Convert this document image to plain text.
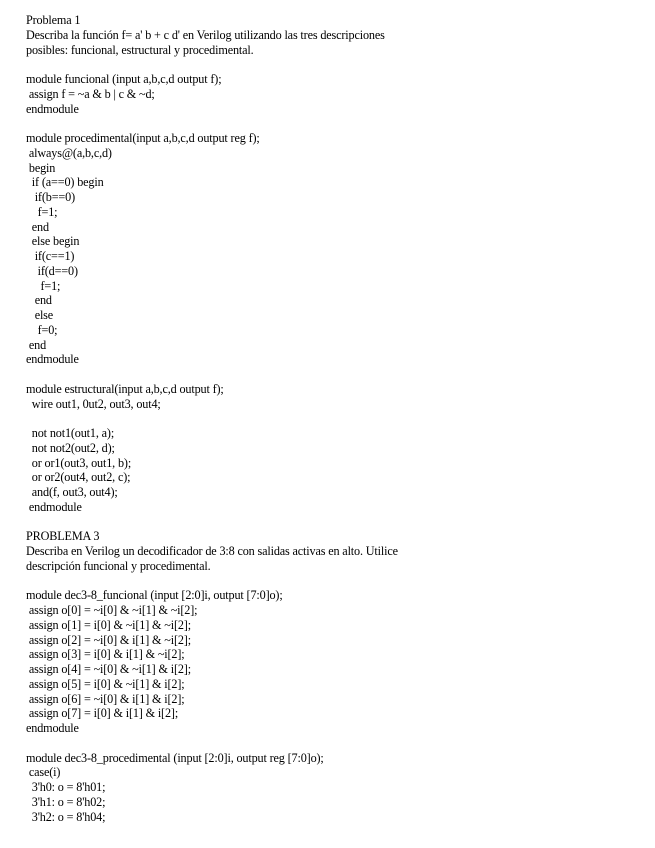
Problema 1
Describa la función f= a' b + c d' en Verilog utilizando las tres descripciones
posibles: funcional, estructural y procedimental.
module funcional (input a,b,c,d output f);
assign f = ~a & b | c & ~d;
endmodule
module procedimental(input a,b,c,d output reg f);
always@(a,b,c,d)
begin
if (a==0) begin
if(b==0)
f=1;
end
else begin
if(c==1)
if(d==0)
f=1;
end
else
f=0;
end
endmodule
module estructural(input a,b,c,d output f);
wire out1, 0ut2, out3, out4;
not not1(out1, a);
not not2(out2, d);
or or1(out3, out1, b);
or or2(out4, out2, c);
and(f, out3, out4);
endmodule
PROBLEMA 3
Describa en Verilog un decodificador de 3:8 con salidas activas en alto. Utilice
descripción funcional y procedimental.
module dec3-8_funcional (input [2:0]i, output [7:0]o);
assign o[0] = ~i[0] & ~i[1] & ~i[2];
assign o[1] = i[0] & ~i[1] & ~i[2];
assign o[2] = ~i[0] & i[1] & ~i[2];
assign o[3] = i[0] & i[1] & ~i[2];
assign o[4] = ~i[0] & ~i[1] & i[2];
assign o[5] = i[0] & ~i[1] & i[2];
assign o[6] = ~i[0] & i[1] & i[2];
assign o[7] = i[0] & i[1] & i[2];
endmodule
module dec3-8_procedimental (input [2:0]i, output reg [7:0]o);
case(i)
3'h0: o = 8'h01;
3'h1: o = 8'h02;
3'h2: o = 8'h04;
